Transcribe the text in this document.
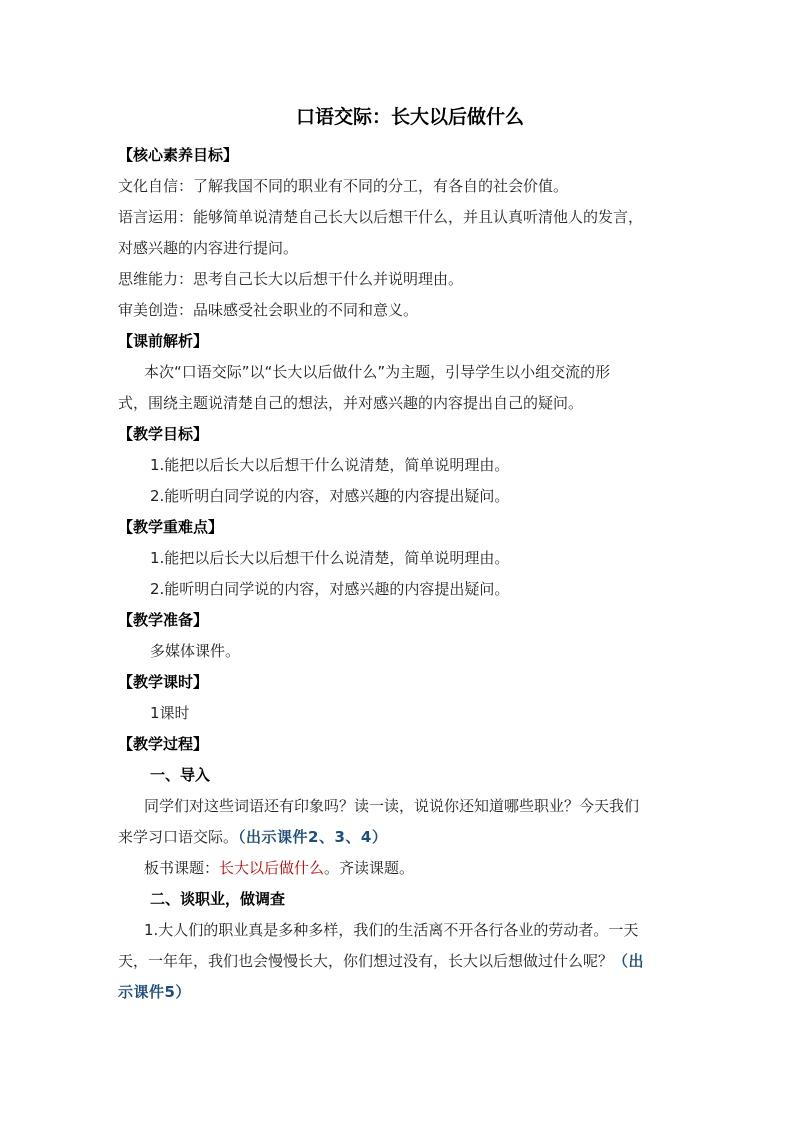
口语交际：长大以后做什么

【核心素养目标】

文化自信：了解我国不同的职业有不同的分工，有各自的社会价值。

语言运用：能够简单说清楚自己长大以后想干什么，并且认真听清他人的发言，

对感兴趣的内容进行提问。

思维能力：思考自己长大以后想干什么并说明理由。

审美创造：品味感受社会职业的不同和意义。

【课前解析】

本次“口语交际”以“长大以后做什么”为主题，引导学生以小组交流的形

式，围绕主题说清楚自己的想法，并对感兴趣的内容提出自己的疑问。

【教学目标】

1.能把以后长大以后想干什么说清楚，简单说明理由。

2.能听明白同学说的内容，对感兴趣的内容提出疑问。

【教学重难点】

1.能把以后长大以后想干什么说清楚，简单说明理由。

2.能听明白同学说的内容，对感兴趣的内容提出疑问。

【教学准备】

多媒体课件。

【教学课时】

1课时

【教学过程】

一、导入

同学们对这些词语还有印象吗？读一读，说说你还知道哪些职业？今天我们

来学习口语交际。（出示课件2、3、4）

板书课题：长大以后做什么。齐读课题。

二、谈职业，做调查

1.大人们的职业真是多种多样，我们的生活离不开各行各业的劳动者。一天

天，一年年，我们也会慢慢长大，你们想过没有，长大以后想做过什么呢？（出

示课件5）
